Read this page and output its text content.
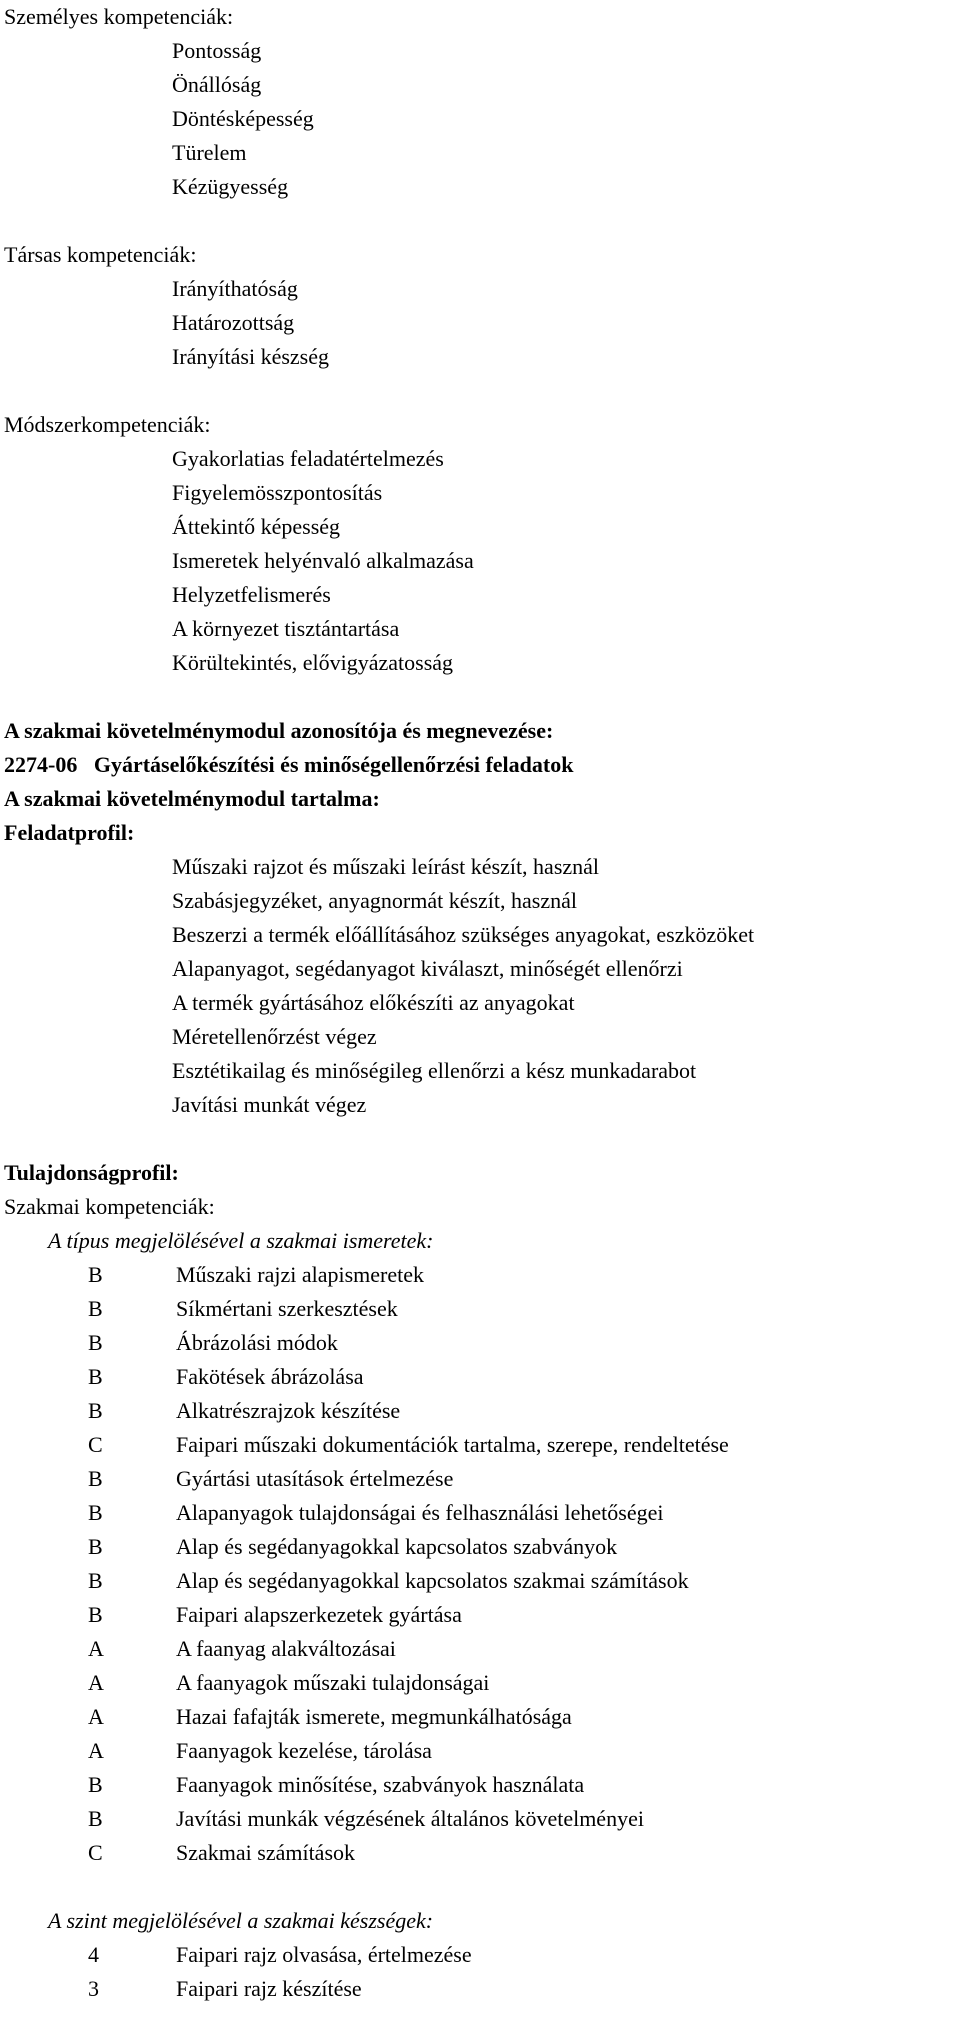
Személyes kompetenciák:
Pontosság
Önállóság
Döntésképesség
Türelem
Kézügyesség
Társas kompetenciák:
Irányíthatóság
Határozottság
Irányítási készség
Módszerkompetenciák:
Gyakorlatias feladatértelmezés
Figyelemösszpontosítás
Áttekintő képesség
Ismeretek helyénvaló alkalmazása
Helyzetfelismerés
A környezet tisztántartása
Körültekintés, elővigyázatosság
A szakmai követelménymodul azonosítója és megnevezése:
2274-06 Gyártáselőkészítési és minőségellenőrzési feladatok
A szakmai követelménymodul tartalma:
Feladatprofil:
Műszaki rajzot és műszaki leírást készít, használ
Szabásjegyzéket, anyagnormát készít, használ
Beszerzi a termék előállításához szükséges anyagokat, eszközöket
Alapanyagot, segédanyagot kiválaszt, minőségét ellenőrzi
A termék gyártásához előkészíti az anyagokat
Méretellenőrzést végez
Esztétikailag és minőségileg ellenőrzi a kész munkadarabot
Javítási munkát végez
Tulajdonságprofil:
Szakmai kompetenciák:
A típus megjelölésével a szakmai ismeretek:
B	Műszaki rajzi alapismeretek
B	Síkmértani szerkesztések
B	Ábrázolási módok
B	Fakötések ábrázolása
B	Alkatrészrajzok készítése
C	Faipari műszaki dokumentációk tartalma, szerepe, rendeltetése
B	Gyártási utasítások értelmezése
B	Alapanyagok tulajdonságai és felhasználási lehetőségei
B	Alap és segédanyagokkal kapcsolatos szabványok
B	Alap és segédanyagokkal kapcsolatos szakmai számítások
B	Faipari alapszerkezetek gyártása
A	A faanyag alakváltozásai
A	A faanyagok műszaki tulajdonságai
A	Hazai fafajták ismerete, megmunkálhatósága
A	Faanyagok kezelése, tárolása
B	Faanyagok minősítése, szabványok használata
B	Javítási munkák végzésének általános követelményei
C	Szakmai számítások
A szint megjelölésével a szakmai készségek:
4	Faipari rajz olvasása, értelmezése
3	Faipari rajz készítése
